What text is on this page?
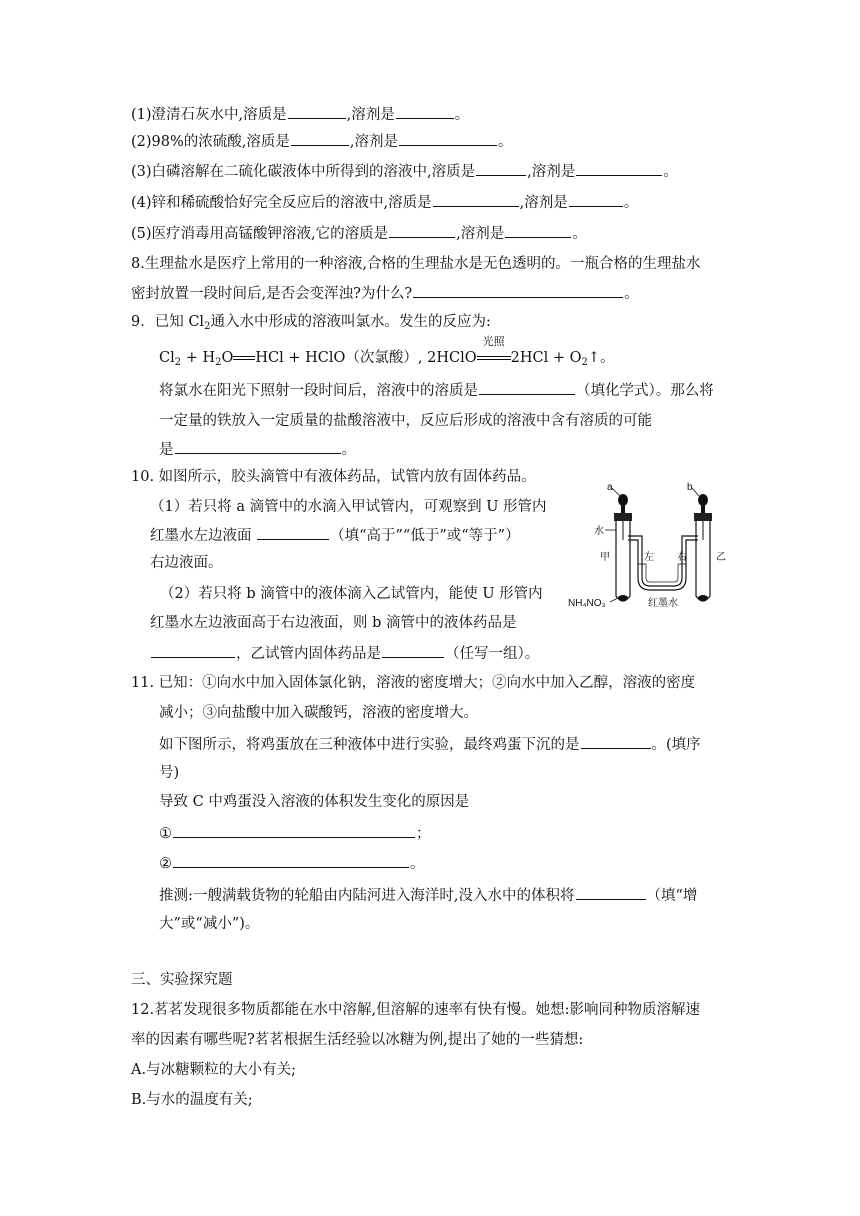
(1)澄清石灰水中,溶质是	,溶剂是	。
(2)98%的浓硫酸,溶质是	,溶剂是	。
(3)白磷溶解在二硫化碳液体中所得到的溶液中,溶质是	,溶剂是	。
(4)锌和稀硫酸恰好完全反应后的溶液中,溶质是	,溶剂是	。
(5)医疗消毒用高锰酸钾溶液,它的溶质是	,溶剂是	。
8.生理盐水是医疗上常用的一种溶液,合格的生理盐水是无色透明的。一瓶合格的生理盐水
密封放置一段时间后,是否会变浑浊?为什么?	。
9．已知 $Cl_2$通入水中形成的溶液叫氯水。发生的反应为:
$Cl_2 + H_2O$ HCl + HClO（次氯酸）, 2HClO
光照
$2HCl + O_2↑$。
将氯水在阳光下照射一段时间后，溶液中的溶质是	（填化学式）。那么将
一定量的铁放入一定质量的盐酸溶液中，反应后形成的溶液中含有溶质的可能
是	。
10. 如图所示，胶头滴管中有液体药品，试管内放有固体药品。
（1）若只将 a 滴管中的水滴入甲试管内，可观察到 U 形管内
红墨水左边液面	（填“高于”“低于”或“等于”）
右边液面。
（2）若只将 b 滴管中的液体滴入乙试管内，能使 U 形管内
红墨水左边液面高于右边液面，则 b 滴管中的液体药品是
，乙试管内固体药品是	（任写一组）。
a	b
水
甲	左 右	乙
NH₄NO₃	红墨水
11. 已知：①向水中加入固体氯化钠，溶液的密度增大；②向水中加入乙醇，溶液的密度
减小；③向盐酸中加入碳酸钙，溶液的密度增大。
如下图所示，将鸡蛋放在三种液体中进行实验，最终鸡蛋下沉的是	。(填序
号)
导致 C 中鸡蛋没入溶液的体积发生变化的原因是
①	；
②	。
推测:一艘满载货物的轮船由内陆河进入海洋时,没入水中的体积将	（填“增
大”或“减小”)。
三、实验探究题
12.茗茗发现很多物质都能在水中溶解,但溶解的速率有快有慢。她想:影响同种物质溶解速
率的因素有哪些呢?茗茗根据生活经验以冰糖为例,提出了她的一些猜想:
A.与冰糖颗粒的大小有关;
B.与水的温度有关;
